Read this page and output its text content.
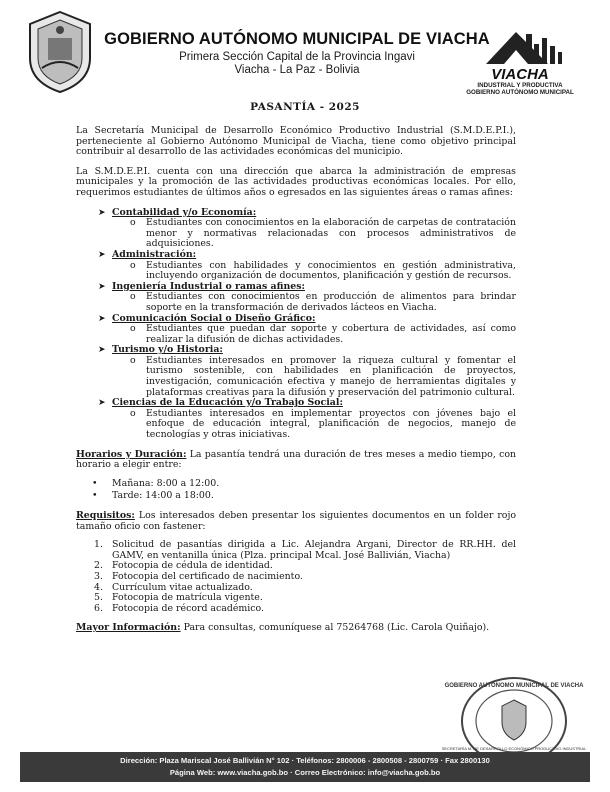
GOBIERNO AUTÓNOMO MUNICIPAL DE VIACHA
Primera Sección Capital de la Provincia Ingavi
Viacha - La Paz - Bolivia	VIACHA
INDUSTRIAL Y PRODUCTIVA
GOBIERNO AUTÓNOMO MUNICIPAL
PASANTÍA - 2025

La Secretaría Municipal de Desarrollo Económico Productivo Industrial (S.M.D.E.P.I.), perteneciente al Gobierno Autónomo Municipal de Viacha, tiene como objetivo principal contribuir al desarrollo de las actividades económicas del municipio.

La S.M.D.E.P.I. cuenta con una dirección que abarca la administración de empresas municipales y la promoción de las actividades productivas económicas locales. Por ello, requerimos estudiantes de últimos años o egresados en las siguientes áreas o ramas afines:

➤ Contabilidad y/o Economía:
o Estudiantes con conocimientos en la elaboración de carpetas de contratación menor y normativas relacionadas con procesos administrativos de adquisiciones.
➤ Administración:
o Estudiantes con habilidades y conocimientos en gestión administrativa, incluyendo organización de documentos, planificación y gestión de recursos.
➤ Ingeniería Industrial o ramas afines:
o Estudiantes con conocimientos en producción de alimentos para brindar soporte en la transformación de derivados lácteos en Viacha.
➤ Comunicación Social o Diseño Gráfico:
o Estudiantes que puedan dar soporte y cobertura de actividades, así como realizar la difusión de dichas actividades.
➤ Turismo y/o Historia:
o Estudiantes interesados en promover la riqueza cultural y fomentar el turismo sostenible, con habilidades en planificación de proyectos, investigación, comunicación efectiva y manejo de herramientas digitales y plataformas creativas para la difusión y preservación del patrimonio cultural.
➤ Ciencias de la Educación y/o Trabajo Social:
o Estudiantes interesados en implementar proyectos con jóvenes bajo el enfoque de educación integral, planificación de negocios, manejo de tecnologías y otras iniciativas.
Horarios y Duración: La pasantía tendrá una duración de tres meses a medio tiempo, con horario a elegir entre:
• Mañana: 8:00 a 12:00.
• Tarde: 14:00 a 18:00.
Requisitos: Los interesados deben presentar los siguientes documentos en un folder rojo tamaño oficio con fastener:
1. Solicitud de pasantías dirigida a Lic. Alejandra Argani, Director de RR.HH. del GAMV, en ventanilla única (Plza. principal Mcal. José Ballivián, Viacha)
2. Fotocopia de cédula de identidad.
3. Fotocopia del certificado de nacimiento.
4. Currículum vitae actualizado.
5. Fotocopia de matrícula vigente.
6. Fotocopia de récord académico.
Mayor Información: Para consultas, comuníquese al 75264768 (Lic. Carola Quiñajo).
SECRETARÍA M. DE DESARROLLO ECONÓMICO PRODUCTIVO INDUSTRIAL
GOBIERNO AUTÓNOMO MUNICIPAL DE VIACHA
Dirección: Plaza Mariscal José Ballivián N° 102 · Teléfonos: 2800006 - 2800508 - 2800759 · Fax 2800130
Página Web: www.viacha.gob.bo · Correo Electrónico: info@viacha.gob.bo
